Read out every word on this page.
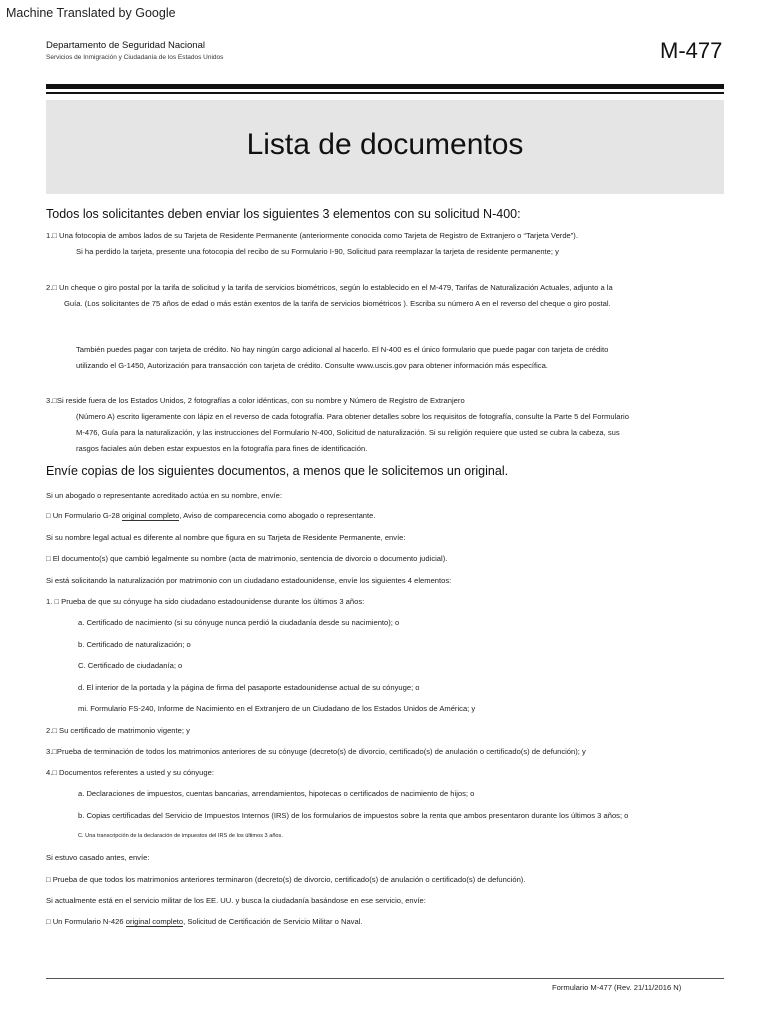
Machine Translated by Google
Departamento de Seguridad Nacional
Servicios de Inmigración y Ciudadanía de los Estados Unidos	M-477
Lista de documentos
Todos los solicitantes deben enviar los siguientes 3 elementos con su solicitud N-400:
1.□ Una fotocopia de ambos lados de su Tarjeta de Residente Permanente (anteriormente conocida como Tarjeta de Registro de Extranjero o “Tarjeta Verde”).
Si ha perdido la tarjeta, presente una fotocopia del recibo de su Formulario I-90, Solicitud para reemplazar la tarjeta de residente permanente; y
2.□ Un cheque o giro postal por la tarifa de solicitud y la tarifa de servicios biométricos, según lo establecido en el M-479, Tarifas de Naturalización Actuales, adjunto a la
Guía. (Los solicitantes de 75 años de edad o más están exentos de la tarifa de servicios biométricos ). Escriba su número A en el reverso del cheque o giro postal.
También puedes pagar con tarjeta de crédito. No hay ningún cargo adicional al hacerlo. El N-400 es el único formulario que puede pagar con tarjeta de crédito
utilizando el G-1450, Autorización para transacción con tarjeta de crédito. Consulte www.uscis.gov para obtener información más específica.
3.□Si reside fuera de los Estados Unidos, 2 fotografías a color idénticas, con su nombre y Número de Registro de Extranjero
(Número A) escrito ligeramente con lápiz en el reverso de cada fotografía. Para obtener detalles sobre los requisitos de fotografía, consulte la Parte 5 del Formulario
M-476, Guía para la naturalización, y las instrucciones del Formulario N-400, Solicitud de naturalización. Si su religión requiere que usted se cubra la cabeza, sus
rasgos faciales aún deben estar expuestos en la fotografía para fines de identificación.
Envíe copias de los siguientes documentos, a menos que le solicitemos un original.
Si un abogado o representante acreditado actúa en su nombre, envíe:
□ Un Formulario G-28 original completo, Aviso de comparecencia como abogado o representante.
Si su nombre legal actual es diferente al nombre que figura en su Tarjeta de Residente Permanente, envíe:
□ El documento(s) que cambió legalmente su nombre (acta de matrimonio, sentencia de divorcio o documento judicial).
Si está solicitando la naturalización por matrimonio con un ciudadano estadounidense, envíe los siguientes 4 elementos:
1. □ Prueba de que su cónyuge ha sido ciudadano estadounidense durante los últimos 3 años:
a. Certificado de nacimiento (si su cónyuge nunca perdió la ciudadanía desde su nacimiento); o
b. Certificado de naturalización; o
C. Certificado de ciudadanía; o
d. El interior de la portada y la página de firma del pasaporte estadounidense actual de su cónyuge; o
mi. Formulario FS-240, Informe de Nacimiento en el Extranjero de un Ciudadano de los Estados Unidos de América; y
2.□ Su certificado de matrimonio vigente; y
3.□Prueba de terminación de todos los matrimonios anteriores de su cónyuge (decreto(s) de divorcio, certificado(s) de anulación o certificado(s) de defunción); y
4.□ Documentos referentes a usted y su cónyuge:
a. Declaraciones de impuestos, cuentas bancarias, arrendamientos, hipotecas o certificados de nacimiento de hijos; o
b. Copias certificadas del Servicio de Impuestos Internos (IRS) de los formularios de impuestos sobre la renta que ambos presentaron durante los últimos 3 años; o
C. Una transcripción de la declaración de impuestos del IRS de los últimos 3 años.
Si estuvo casado antes, envíe:
□ Prueba de que todos los matrimonios anteriores terminaron (decreto(s) de divorcio, certificado(s) de anulación o certificado(s) de defunción).
Si actualmente está en el servicio militar de los EE. UU. y busca la ciudadanía basándose en ese servicio, envíe:
□ Un Formulario N-426 original completo, Solicitud de Certificación de Servicio Militar o Naval.
Formulario M-477 (Rev. 21/11/2016 N)
